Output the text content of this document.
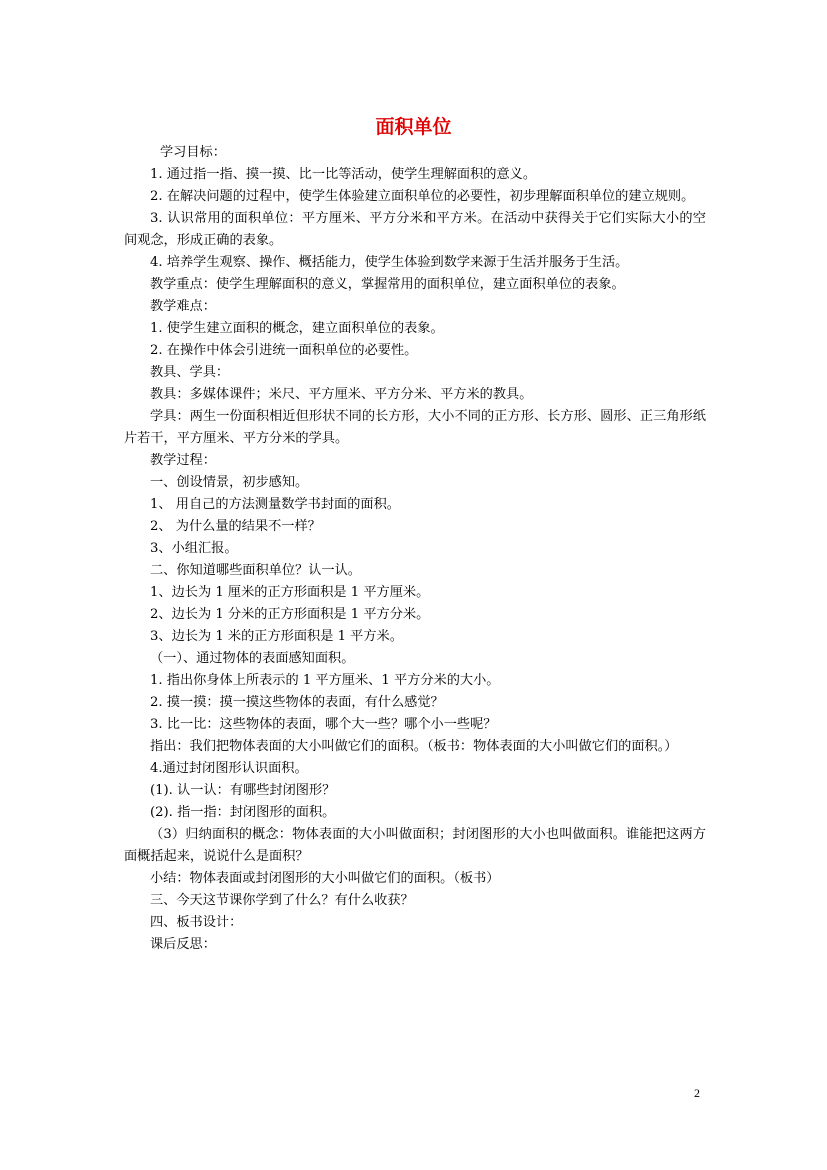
面积单位

学习目标：

1. 通过指一指、摸一摸、比一比等活动，使学生理解面积的意义。

2. 在解决问题的过程中，使学生体验建立面积单位的必要性，初步理解面积单位的建立规则。

3. 认识常用的面积单位：平方厘米、平方分米和平方米。在活动中获得关于它们实际大小的空间观念，形成正确的表象。

4. 培养学生观察、操作、概括能力，使学生体验到数学来源于生活并服务于生活。

教学重点：使学生理解面积的意义，掌握常用的面积单位，建立面积单位的表象。

教学难点：

1. 使学生建立面积的概念，建立面积单位的表象。

2. 在操作中体会引进统一面积单位的必要性。

教具、学具：

教具：多媒体课件；米尺、平方厘米、平方分米、平方米的教具。

学具：两生一份面积相近但形状不同的长方形，大小不同的正方形、长方形、圆形、正三角形纸片若干，平方厘米、平方分米的学具。

教学过程：

一、创设情景，初步感知。

1、 用自己的方法测量数学书封面的面积。

2、 为什么量的结果不一样？

3、小组汇报。

二、你知道哪些面积单位？认一认。

1、边长为 1 厘米的正方形面积是 1 平方厘米。

2、边长为 1 分米的正方形面积是 1 平方分米。

3、边长为 1 米的正方形面积是 1 平方米。

（一）、通过物体的表面感知面积。

1. 指出你身体上所表示的 1 平方厘米、1 平方分米的大小。

2. 摸一摸：摸一摸这些物体的表面，有什么感觉？

3. 比一比：这些物体的表面，哪个大一些？哪个小一些呢？

指出：我们把物体表面的大小叫做它们的面积。（板书：物体表面的大小叫做它们的面积。）

4.通过封闭图形认识面积。

(1). 认一认：有哪些封闭图形？

(2). 指一指：封闭图形的面积。

（3）归纳面积的概念：物体表面的大小叫做面积；封闭图形的大小也叫做面积。谁能把这两方面概括起来，说说什么是面积？

小结：物体表面或封闭图形的大小叫做它们的面积。（板书）

三、今天这节课你学到了什么？有什么收获？

四、板书设计：

课后反思：

2
